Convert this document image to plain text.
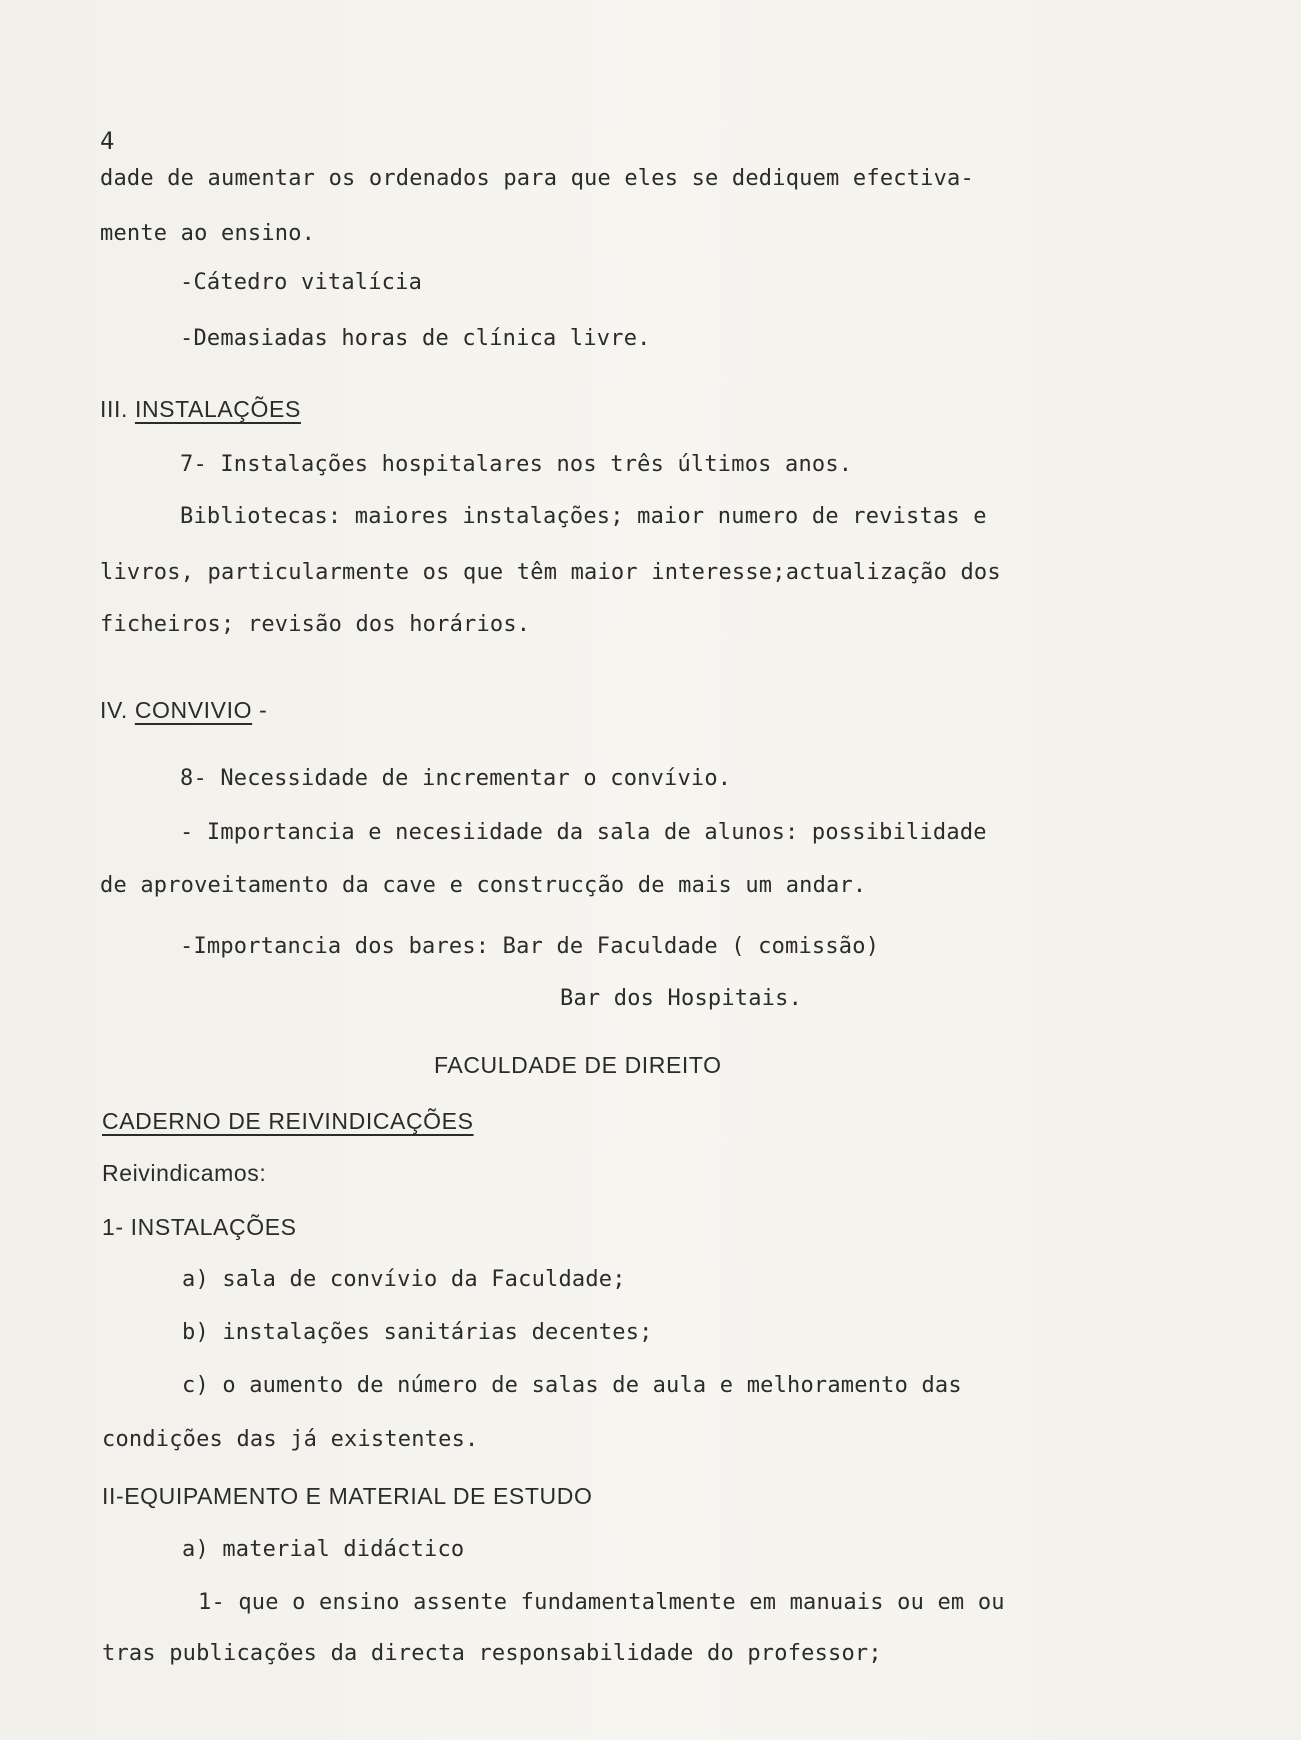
4
dade de aumentar os ordenados para que eles se dediquem efectiva-
mente ao ensino.
-Cátedro vitalícia
-Demasiadas horas de clínica livre.
III. INSTALAÇÕES
7- Instalações hospitalares nos três últimos anos.
Bibliotecas: maiores instalações; maior numero de revistas e
livros, particularmente os que têm maior interesse;actualização dos
ficheiros; revisão dos horários.
IV. CONVIVIO -
8- Necessidade de incrementar o convívio.
- Importancia e necesiidade da sala de alunos: possibilidade
de aproveitamento da cave e construcção de mais um andar.
-Importancia dos bares: Bar de Faculdade ( comissão)
Bar dos Hospitais.
FACULDADE DE DIREITO
CADERNO DE REIVINDICAÇÕES
Reivindicamos:
1- INSTALAÇÕES
a) sala de convívio da Faculdade;
b) instalações sanitárias decentes;
c) o aumento de número de salas de aula e melhoramento das
condições das já existentes.
II-EQUIPAMENTO E MATERIAL DE ESTUDO
a) material didáctico
1- que o ensino assente fundamentalmente em manuais ou em ou
tras publicações da directa responsabilidade do professor;
